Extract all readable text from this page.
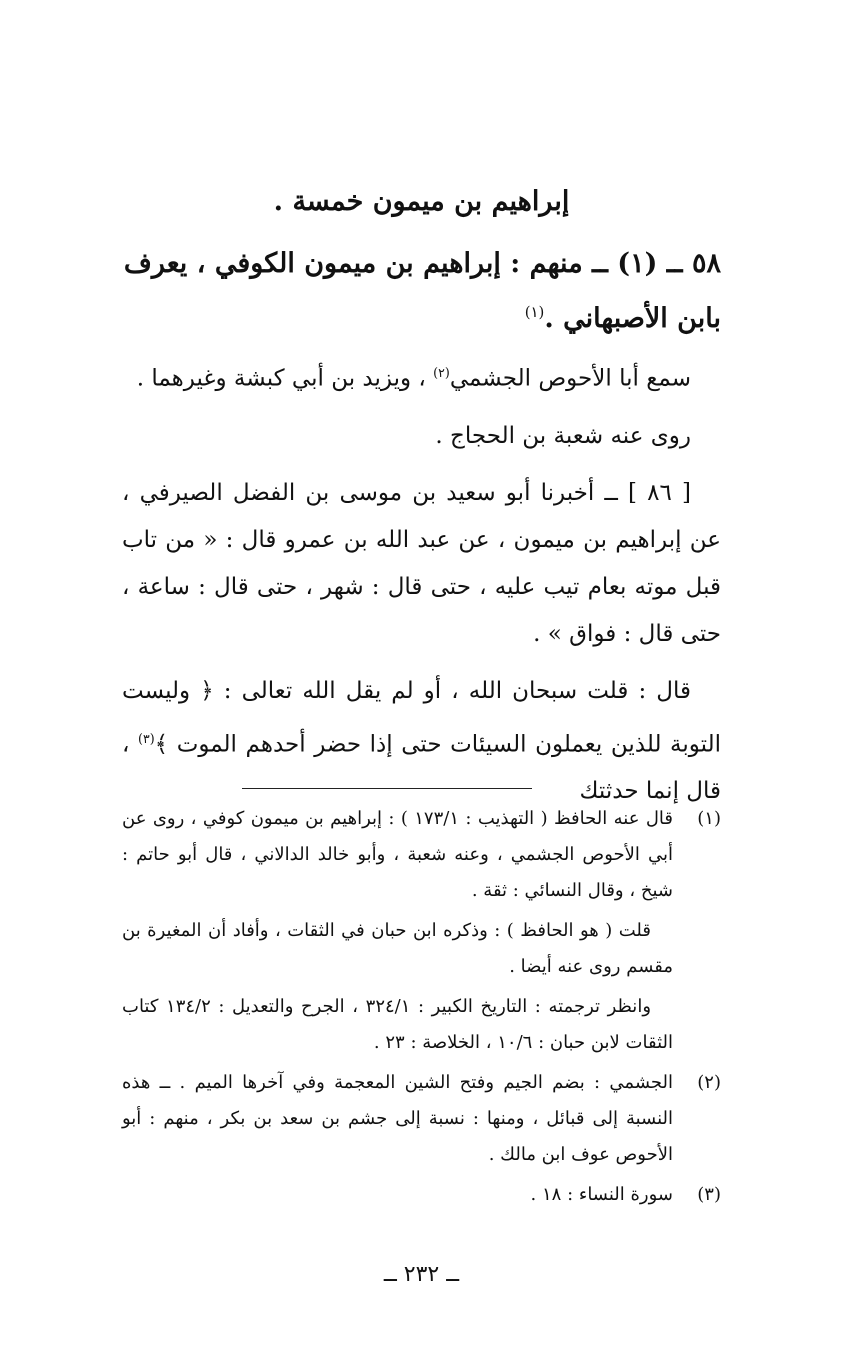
إبراهيم بن ميمون خمسة .
٥٨ ــ (١) ــ منهم : إبراهيم بن ميمون الكوفي ، يعرف بابن الأصبهاني .$^{(١)}$
سمع أبا الأحوص الجشمي$^{(٢)}$ ، ويزيد بن أبي كبشة وغيرهما .
روى عنه شعبة بن الحجاج .
[ ٨٦ ] ــ أخبرنا أبو سعيد بن موسى بن الفضل الصيرفي ، عن إبراهيم بن ميمون ، عن عبد الله بن عمرو قال : « من تاب قبل موته بعام تيب عليه ، حتى قال : شهر ، حتى قال : ساعة ، حتى قال : فواق » .
قال : قلت سبحان الله ، أو لم يقل الله تعالى : ﴿ وليست التوبة للذين يعملون السيئات حتى إذا حضر أحدهم الموت ﴾$^{(٣)}$ ، قال إنما حدثتك
(١)
قال عنه الحافظ ( التهذيب : ١٧٣/١ ) : إبراهيم بن ميمون كوفي ، روى عن أبي الأحوص الجشمي ، وعنه شعبة ، وأبو خالد الدالاني ، قال أبو حاتم : شيخ ، وقال النسائي : ثقة .
قلت ( هو الحافظ ) : وذكره ابن حبان في الثقات ، وأفاد أن المغيرة بن مقسم روى عنه أيضا .
وانظر ترجمته : التاريخ الكبير : ٣٢٤/١ ، الجرح والتعديل : ١٣٤/٢ كتاب الثقات لابن حبان : ١٠/٦ ، الخلاصة : ٢٣ .
(٢)
الجشمي : بضم الجيم وفتح الشين المعجمة وفي آخرها الميم . ــ هذه النسبة إلى قبائل ، ومنها : نسبة إلى جشم بن سعد بن بكر ، منهم : أبو الأحوص عوف ابن مالك .
(٣)
سورة النساء : ١٨ .
ــ ٢٣٢ ــ
